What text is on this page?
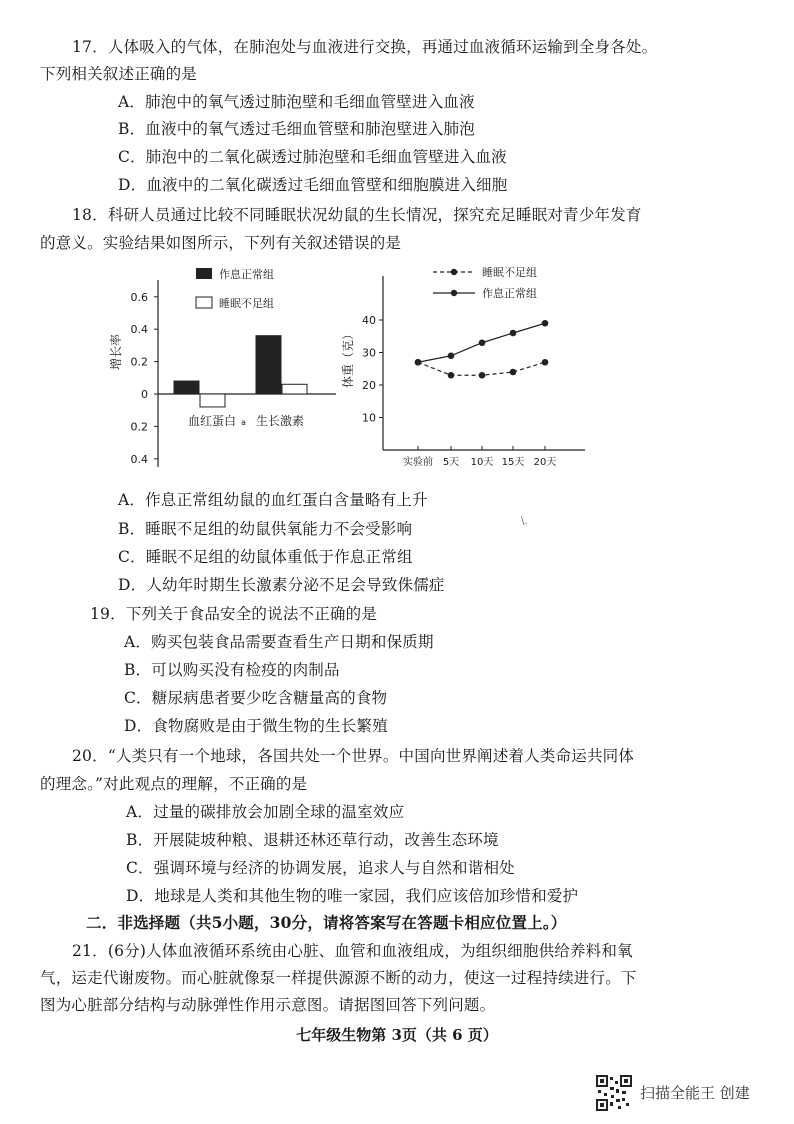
17．人体吸入的气体，在肺泡处与血液进行交换，再通过血液循环运输到全身各处。
下列相关叙述正确的是
A．肺泡中的氧气透过肺泡壁和毛细血管壁进入血液
B．血液中的氧气透过毛细血管壁和肺泡壁进入肺泡
C．肺泡中的二氧化碳透过肺泡壁和毛细血管壁进入血液
D．血液中的二氧化碳透过毛细血管壁和细胞膜进入细胞
18．科研人员通过比较不同睡眠状况幼鼠的生长情况，探究充足睡眠对青少年发育
的意义。实验结果如图所示，下列有关叙述错误的是
0.6
0.4
0.2
0
0.2
0.4
增长率
作息正常组
睡眠不足组
血红蛋白 a 生长激素
40
30
20
10
实验前 5天 10天 15天 20天
体重（克）
睡眠不足组
作息正常组
A．作息正常组幼鼠的血红蛋白含量略有上升
\.
B．睡眠不足组的幼鼠供氧能力不会受影响
C．睡眠不足组的幼鼠体重低于作息正常组
D．人幼年时期生长激素分泌不足会导致侏儒症
19．下列关于食品安全的说法不正确的是
A．购买包装食品需要查看生产日期和保质期
B．可以购买没有检疫的肉制品
C．糖尿病患者要少吃含糖量高的食物
D．食物腐败是由于微生物的生长繁殖
20．“人类只有一个地球，各国共处一个世界。中国向世界阐述着人类命运共同体
的理念。”对此观点的理解，不正确的是
A．过量的碳排放会加剧全球的温室效应
B．开展陡坡种粮、退耕还林还草行动，改善生态环境
C．强调环境与经济的协调发展，追求人与自然和谐相处
D．地球是人类和其他生物的唯一家园，我们应该倍加珍惜和爱护
二．非选择题（共5小题，30分，请将答案写在答题卡相应位置上。）
21．(6分)人体血液循环系统由心脏、血管和血液组成，为组织细胞供给养料和氧
气，运走代谢废物。而心脏就像泵一样提供源源不断的动力，使这一过程持续进行。下
图为心脏部分结构与动脉弹性作用示意图。请据图回答下列问题。
七年级生物第 3页（共 6 页）
扫描全能王 创建
